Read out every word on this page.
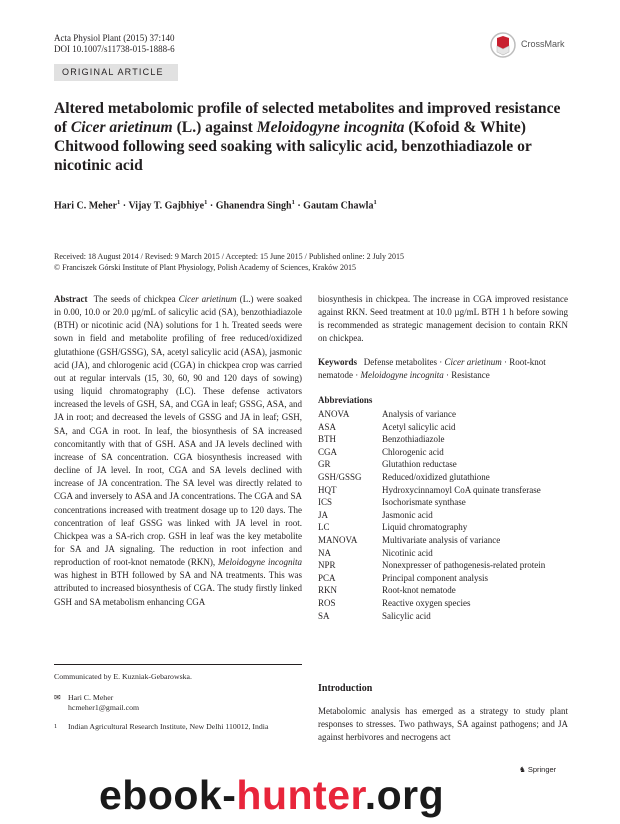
Acta Physiol Plant (2015) 37:140
DOI 10.1007/s11738-015-1888-6	CrossMark
ORIGINAL ARTICLE
Altered metabolomic profile of selected metabolites and improved resistance of Cicer arietinum (L.) against Meloidogyne incognita (Kofoid & White) Chitwood following seed soaking with salicylic acid, benzothiadiazole or nicotinic acid
Hari C. Meher$^1$ · Vijay T. Gajbhiye$^1$ · Ghanendra Singh$^1$ · Gautam Chawla$^1$
Received: 18 August 2014 / Revised: 9 March 2015 / Accepted: 15 June 2015 / Published online: 2 July 2015
© Franciszek Górski Institute of Plant Physiology, Polish Academy of Sciences, Kraków 2015
Abstract The seeds of chickpea Cicer arietinum (L.) were soaked in 0.00, 10.0 or 20.0 µg/mL of salicylic acid (SA), benzothiadiazole (BTH) or nicotinic acid (NA) solutions for 1 h. Treated seeds were sown in field and metabolite profiling of free reduced/oxidized glutathione (GSH/GSSG), SA, acetyl salicylic acid (ASA), jasmonic acid (JA), and chlorogenic acid (CGA) in chickpea crop was carried out at regular intervals (15, 30, 60, 90 and 120 days of sowing) using liquid chromatography (LC). These defense activators increased the levels of GSH, SA, and CGA in leaf; GSSG, ASA, and JA in root; and decreased the levels of GSSG and JA in leaf; GSH, SA, and CGA in root. In leaf, the biosynthesis of SA increased concomitantly with that of GSH. ASA and JA levels declined with increase of SA concentration. CGA biosynthesis increased with decline of JA level. In root, CGA and SA levels declined with increase of JA concentration. The SA level was directly related to CGA and inversely to ASA and JA concentrations. The CGA and SA concentrations increased with treatment dosage up to 120 days. The concentration of leaf GSSG was linked with JA level in root. Chickpea was a SA-rich crop. GSH in leaf was the key metabolite for SA and JA signaling. The reduction in root infection and reproduction of root-knot nematode (RKN), Meloidogyne incognita was highest in BTH followed by SA and NA treatments. This was attributed to increased biosynthesis of CGA. The study firstly linked GSH and SA metabolism enhancing CGA
biosynthesis in chickpea. The increase in CGA improved resistance against RKN. Seed treatment at 10.0 µg/mL BTH 1 h before sowing is recommended as strategic management decision to contain RKN on chickpea.
Keywords Defense metabolites · Cicer arietinum · Root-knot nematode · Meloidogyne incognita · Resistance
Abbreviations
ANOVA	Analysis of variance
ASA	Acetyl salicylic acid
BTH	Benzothiadiazole
CGA	Chlorogenic acid
GR	Glutathion reductase
GSH/GSSG	Reduced/oxidized glutathione
HQT	Hydroxycinnamoyl CoA quinate transferase
ICS	Isochorismate synthase
JA	Jasmonic acid
LC	Liquid chromatography
MANOVA	Multivariate analysis of variance
NA	Nicotinic acid
NPR	Nonexpresser of pathogenesis-related protein
PCA	Principal component analysis
RKN	Root-knot nematode
ROS	Reactive oxygen species
SA	Salicylic acid
Communicated by E. Kuzniak-Gebarowska.
✉ Hari C. Meher
hcmeher1@gmail.com
1	Indian Agricultural Research Institute, New Delhi 110012, India
Introduction
Metabolomic analysis has emerged as a strategy to study plant responses to stresses. Two pathways, SA against pathogens; and JA against herbivores and necrogens act
♞ Springer
ebook-hunter.org
